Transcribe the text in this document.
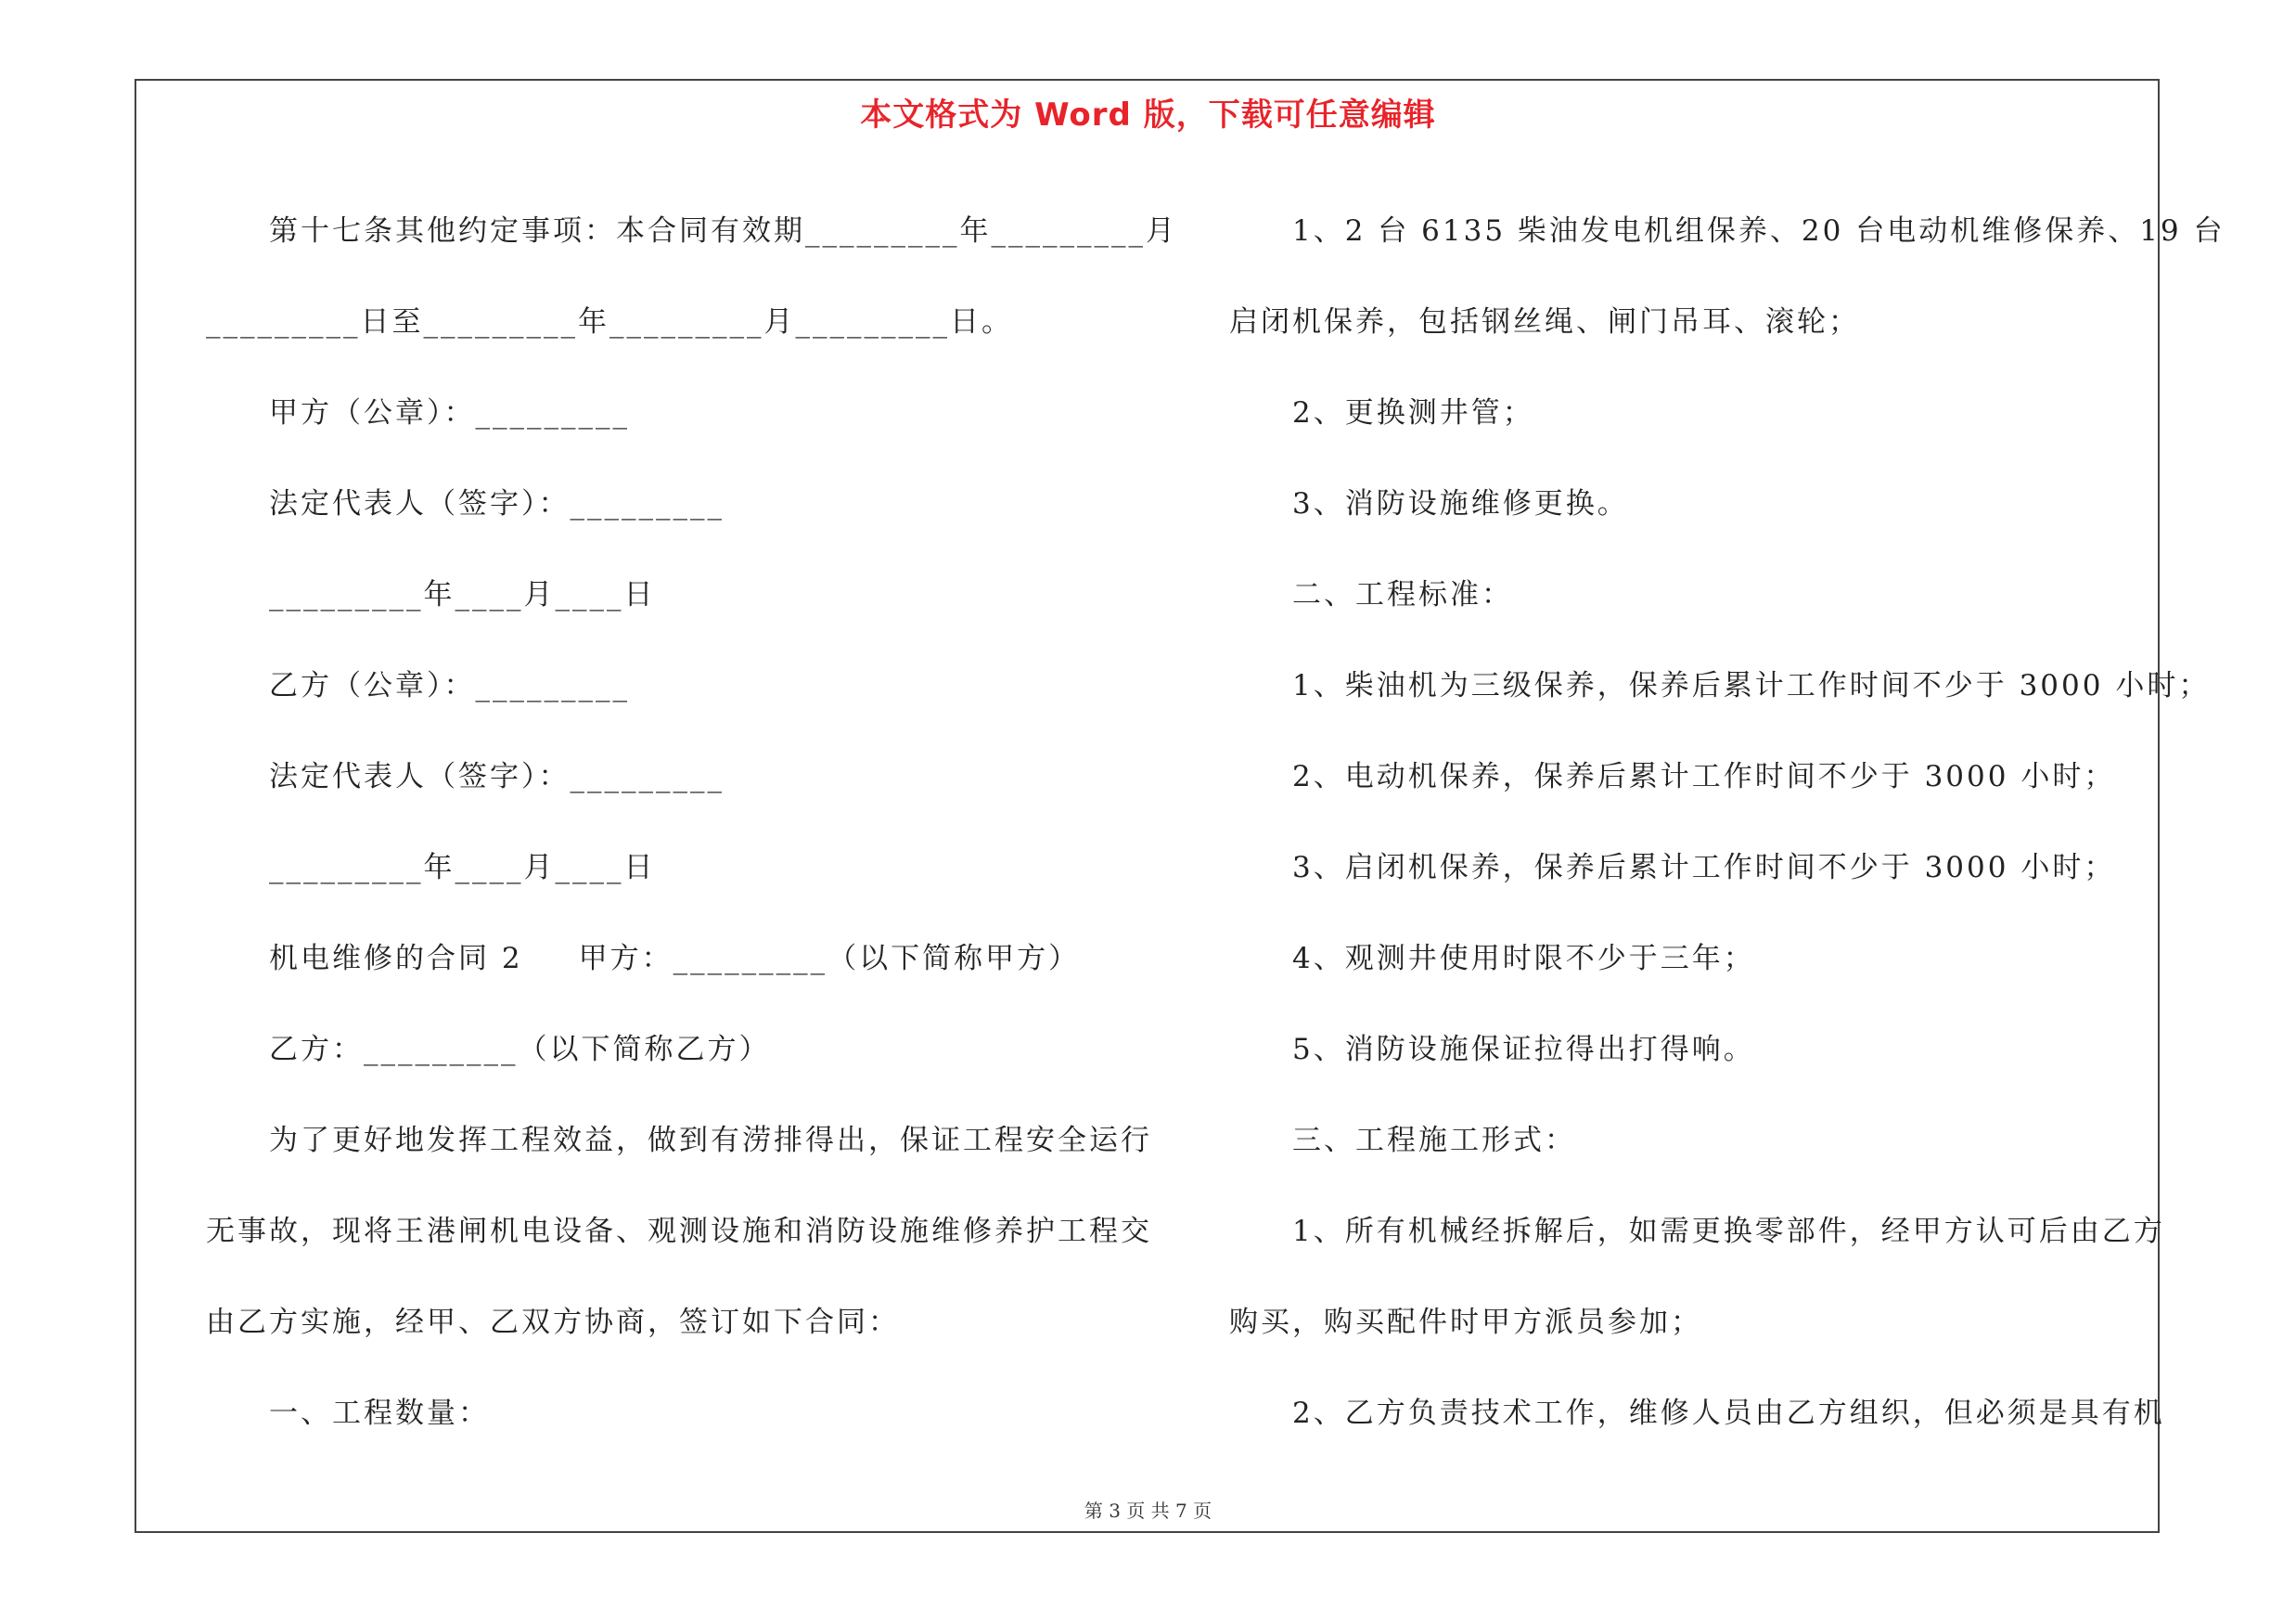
本文格式为 Word 版，下载可任意编辑

第十七条其他约定事项：本合同有效期_________年_________月

_________日至_________年_________月_________日。

甲方（公章）：_________

法定代表人（签字）：_________

_________年____月____日

乙方（公章）：_________

法定代表人（签字）：_________

_________年____月____日

机电维修的合同 2 甲方：_________（以下简称甲方）

乙方：_________（以下简称乙方）

为了更好地发挥工程效益，做到有涝排得出，保证工程安全运行

无事故，现将王港闸机电设备、观测设施和消防设施维修养护工程交

由乙方实施，经甲、乙双方协商，签订如下合同：

一、工程数量：

1、2 台 6135 柴油发电机组保养、20 台电动机维修保养、19 台

启闭机保养，包括钢丝绳、闸门吊耳、滚轮；

2、更换测井管；

3、消防设施维修更换。

二、工程标准：

1、柴油机为三级保养，保养后累计工作时间不少于 3000 小时；

2、电动机保养，保养后累计工作时间不少于 3000 小时；

3、启闭机保养，保养后累计工作时间不少于 3000 小时；

4、观测井使用时限不少于三年；

5、消防设施保证拉得出打得响。

三、工程施工形式：

1、所有机械经拆解后，如需更换零部件，经甲方认可后由乙方

购买，购买配件时甲方派员参加；

2、乙方负责技术工作，维修人员由乙方组织，但必须是具有机

第 3 页 共 7 页
